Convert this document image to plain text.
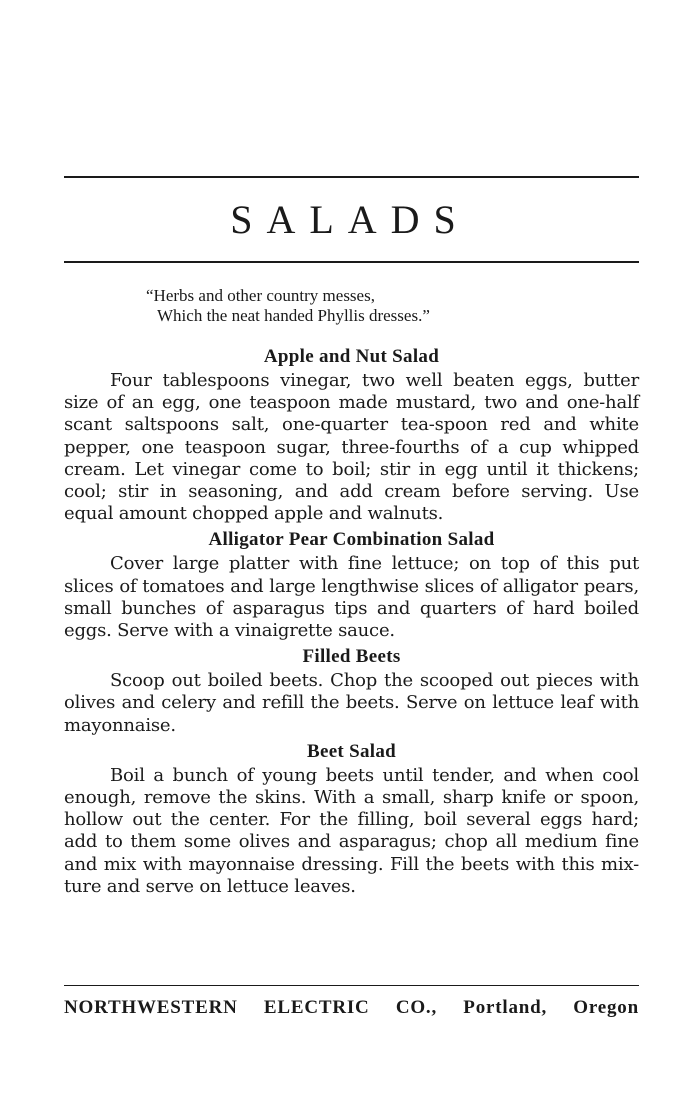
SALADS
“Herbs and other country messes,
Which the neat handed Phyllis dresses.”
Apple and Nut Salad

Four tablespoons vinegar, two well beaten eggs, butter size of an egg, one teaspoon made mustard, two and one-half scant saltspoons salt, one-quarter tea-spoon red and white pepper, one teaspoon sugar, three-fourths of a cup whipped cream. Let vinegar come to boil; stir in egg until it thickens; cool; stir in seasoning, and add cream before serving. Use equal amount chopped apple and walnuts.

Alligator Pear Combination Salad

Cover large platter with fine lettuce; on top of this put slices of tomatoes and large lengthwise slices of alligator pears, small bunches of asparagus tips and quarters of hard boiled eggs. Serve with a vinaigrette sauce.

Filled Beets

Scoop out boiled beets. Chop the scooped out pieces with olives and celery and refill the beets. Serve on lettuce leaf with mayonnaise.

Beet Salad

Boil a bunch of young beets until tender, and when cool enough, remove the skins. With a small, sharp knife or spoon, hollow out the center. For the filling, boil several eggs hard; add to them some olives and asparagus; chop all medium fine and mix with mayonnaise dressing. Fill the beets with this mix-ture and serve on lettuce leaves.

NORTHWESTERN ELECTRIC CO., Portland, Oregon
